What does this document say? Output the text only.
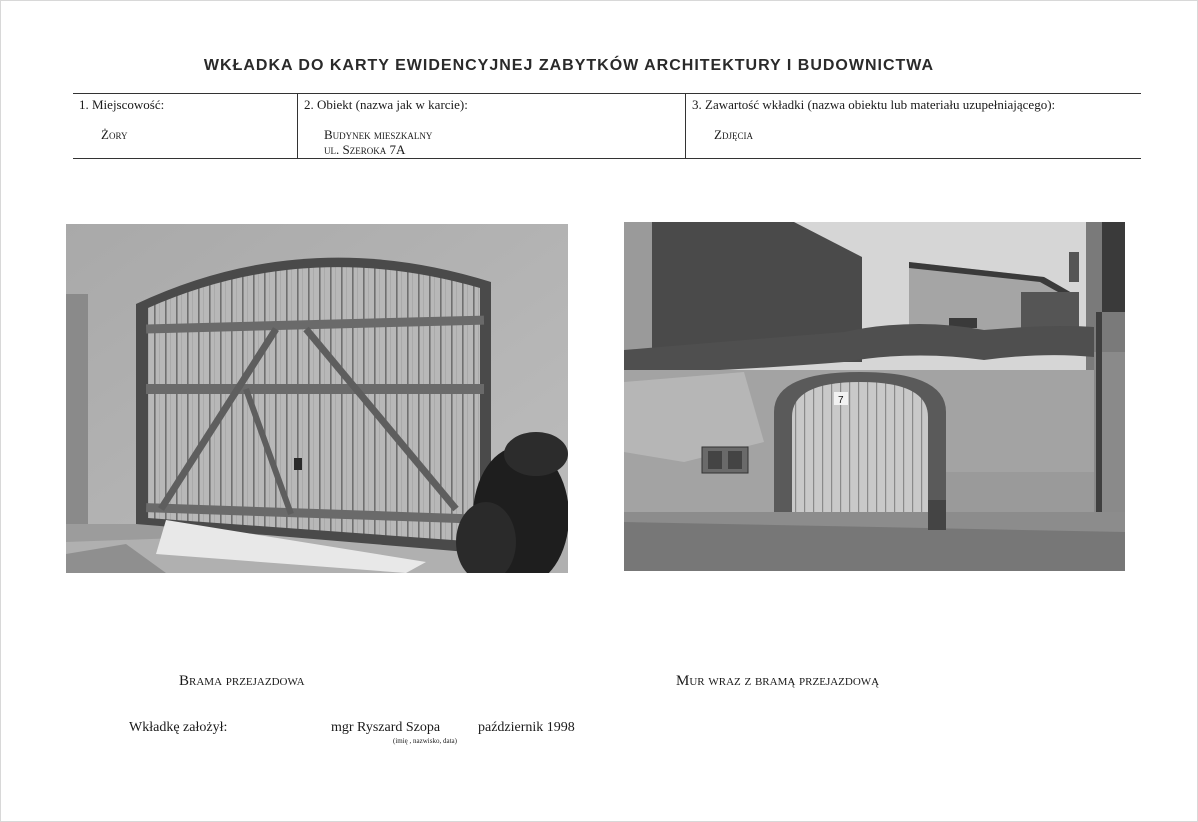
WKŁADKA DO KARTY EWIDENCYJNEJ ZABYTKÓW ARCHITEKTURY I BUDOWNICTWA
1. Miejscowość:
Żory
2. Obiekt (nazwa jak w karcie):
Budynek mieszkalny
ul. Szeroka 7A
3. Zawartość wkładki (nazwa obiektu lub materiału uzupełniającego):
Zdjęcia
7
Brama przejazdowa	Mur wraz z bramą przejazdową
Wkładkę założył:	mgr Ryszard Szopa	październik 1998
(imię , nazwisko, data)
